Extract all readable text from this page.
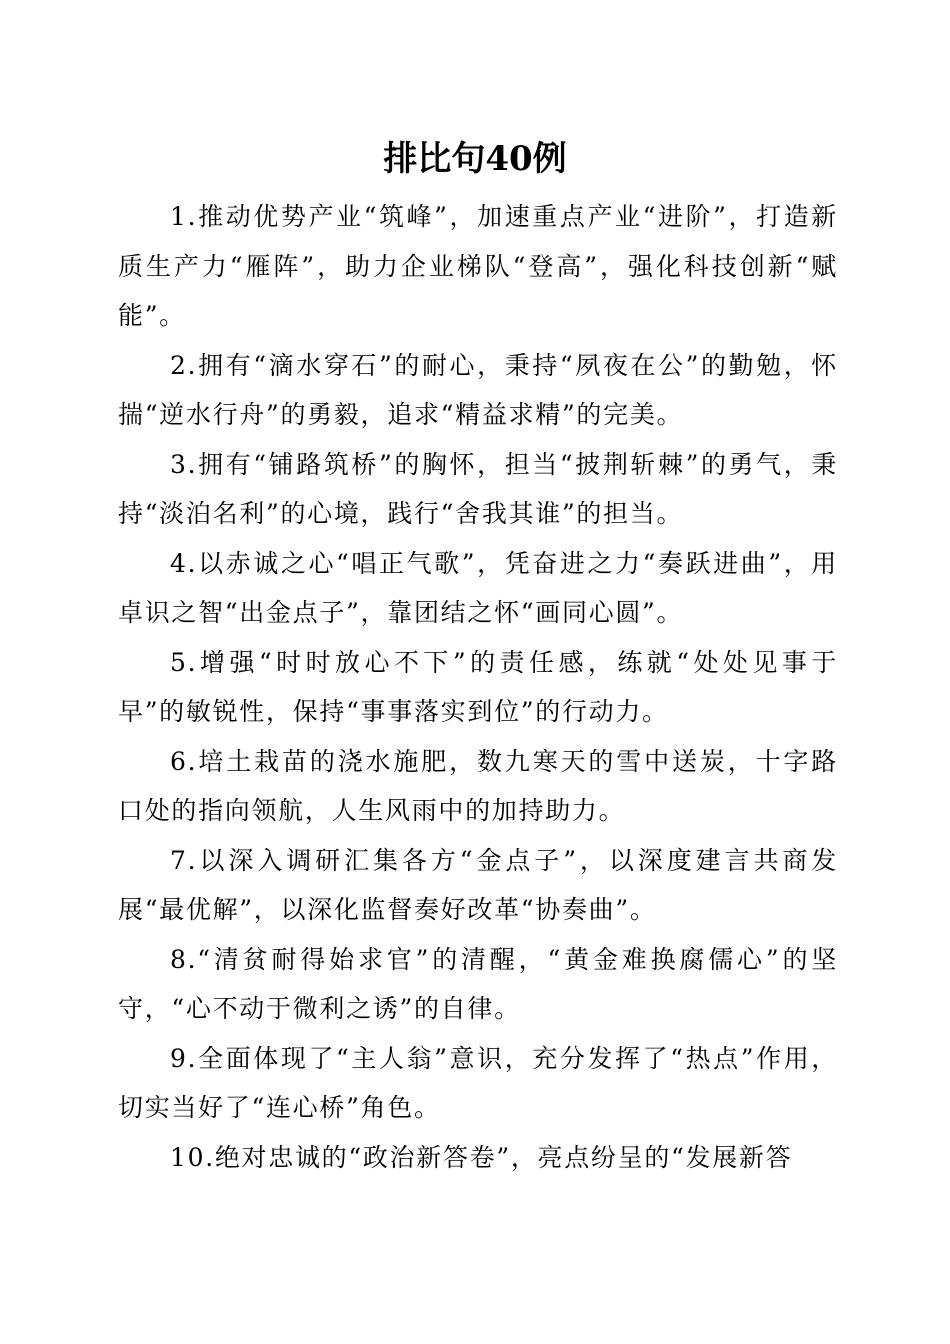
排比句40例

1.推动优势产业“筑峰”，加速重点产业“进阶”，打造新质生产力“雁阵”，助力企业梯队“登高”，强化科技创新“赋能”。

2.拥有“滴水穿石”的耐心，秉持“夙夜在公”的勤勉，怀揣“逆水行舟”的勇毅，追求“精益求精”的完美。

3.拥有“铺路筑桥”的胸怀，担当“披荆斩棘”的勇气，秉持“淡泊名利”的心境，践行“舍我其谁”的担当。

4.以赤诚之心“唱正气歌”，凭奋进之力“奏跃进曲”，用卓识之智“出金点子”，靠团结之怀“画同心圆”。

5.增强“时时放心不下”的责任感，练就“处处见事于早”的敏锐性，保持“事事落实到位”的行动力。

6.培土栽苗的浇水施肥，数九寒天的雪中送炭，十字路口处的指向领航，人生风雨中的加持助力。

7.以深入调研汇集各方“金点子”，以深度建言共商发展“最优解”，以深化监督奏好改革“协奏曲”。

8.“清贫耐得始求官”的清醒，“黄金难换腐儒心”的坚守，“心不动于微利之诱”的自律。

9.全面体现了“主人翁”意识，充分发挥了“热点”作用，切实当好了“连心桥”角色。

10.绝对忠诚的“政治新答卷”，亮点纷呈的“发展新答
